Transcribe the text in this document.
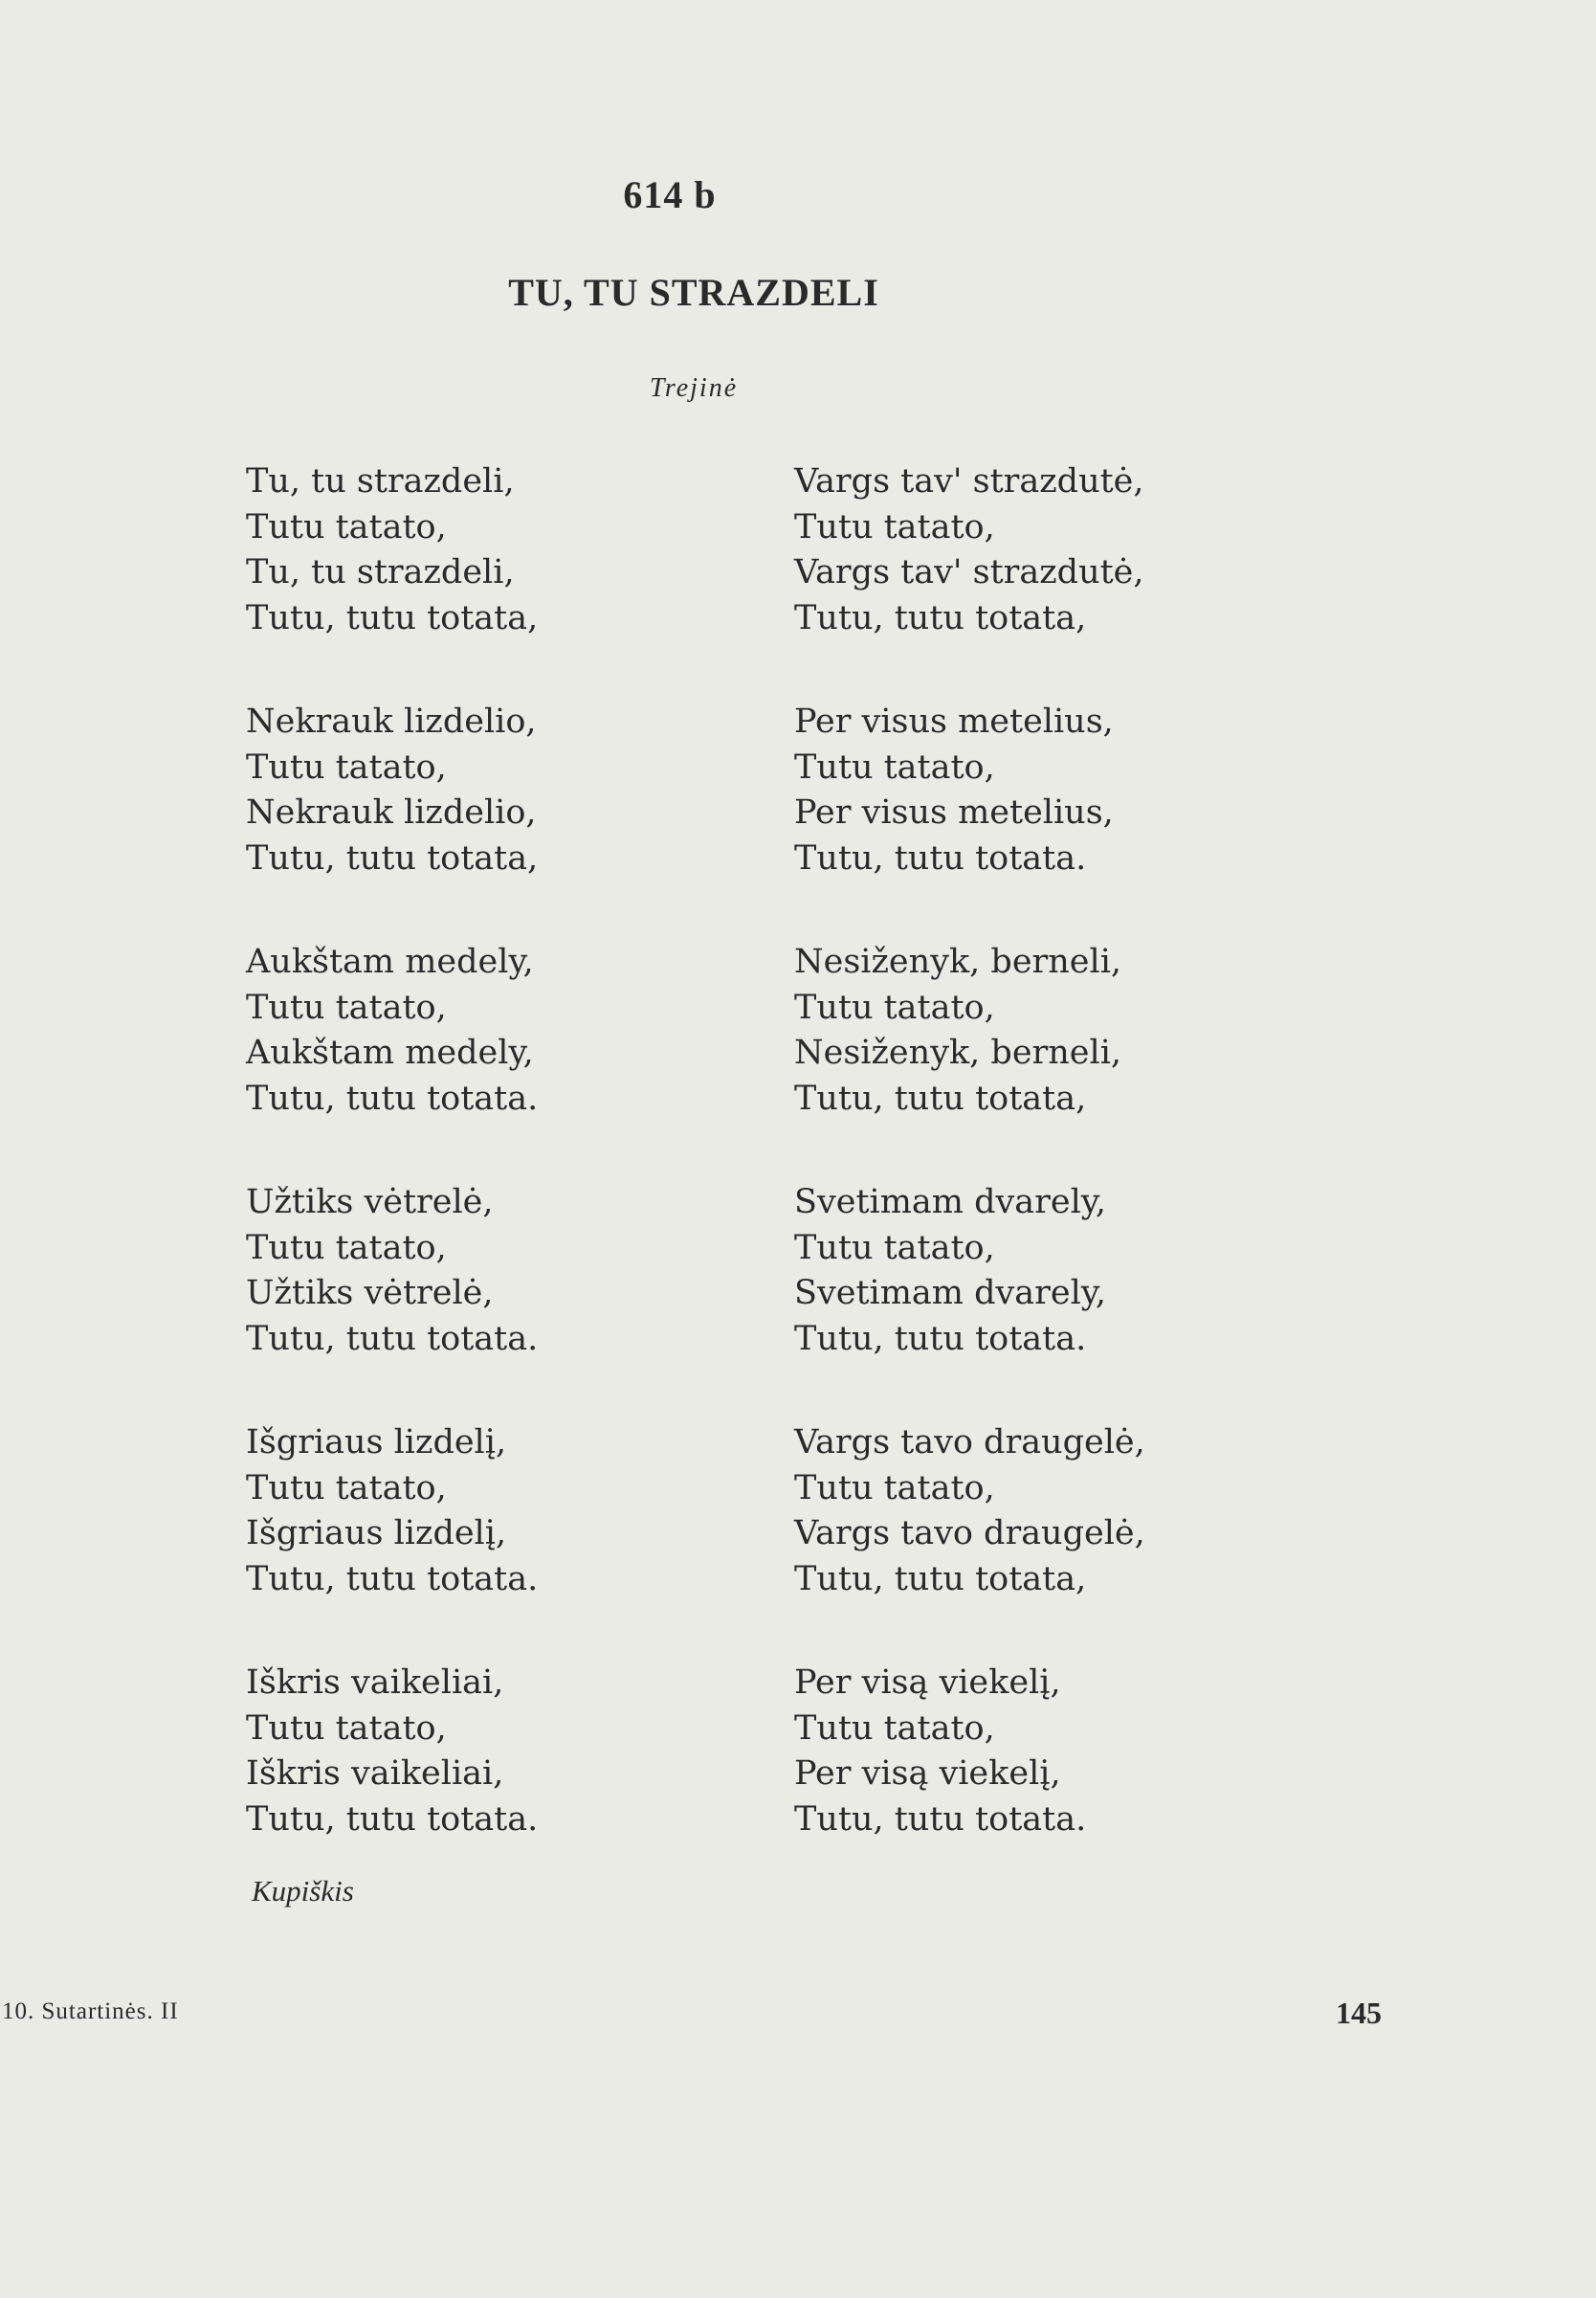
614 b
TU, TU STRAZDELI
Trejinė
Tu, tu strazdeli,
Tutu tatato,
Tu, tu strazdeli,
Tutu, tutu totata,
Nekrauk lizdelio,
Tutu tatato,
Nekrauk lizdelio,
Tutu, tutu totata,
Aukštam medely,
Tutu tatato,
Aukštam medely,
Tutu, tutu totata.
Užtiks vėtrelė,
Tutu tatato,
Užtiks vėtrelė,
Tutu, tutu totata.
Išgriaus lizdelį,
Tutu tatato,
Išgriaus lizdelį,
Tutu, tutu totata.
Iškris vaikeliai,
Tutu tatato,
Iškris vaikeliai,
Tutu, tutu totata.
Vargs tav' strazdutė,
Tutu tatato,
Vargs tav' strazdutė,
Tutu, tutu totata,
Per visus metelius,
Tutu tatato,
Per visus metelius,
Tutu, tutu totata.
Nesiženyk, berneli,
Tutu tatato,
Nesiženyk, berneli,
Tutu, tutu totata,
Svetimam dvarely,
Tutu tatato,
Svetimam dvarely,
Tutu, tutu totata.
Vargs tavo draugelė,
Tutu tatato,
Vargs tavo draugelė,
Tutu, tutu totata,
Per visą viekelį,
Tutu tatato,
Per visą viekelį,
Tutu, tutu totata.
Kupiškis
10. Sutartinės. II	145
